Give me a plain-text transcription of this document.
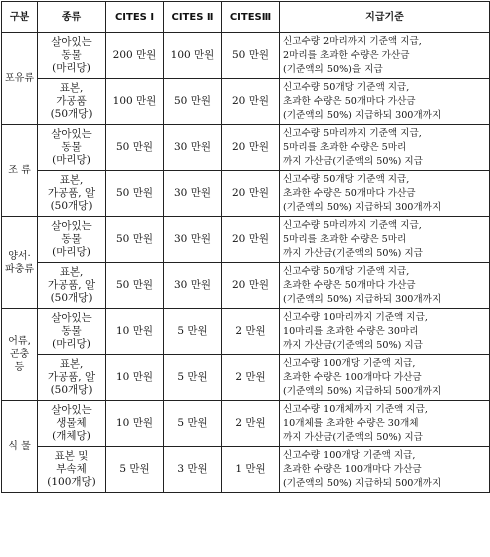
구분	종류	CITES Ⅰ	CITES Ⅱ	CITESⅢ	지급기준
포유류	살아있는
동물
(마리당)	200 만원	100 만원	50 만원	신고수량 2마리까지 기준액 지급,
2마리를 초과한 수량은 가산금
(기준액의 50%)을 지급
	표본,
가공품
(50개당)	100 만원	50 만원	20 만원	신고수량 50개당 기준액 지급,
초과한 수량은 50개마다 가산금
(기준액의 50%) 지급하되 300개까지
조 류	살아있는
동물
(마리당)	50 만원	30 만원	20 만원	신고수량 5마리까지 기준액 지급,
5마리를 초과한 수량은 5마리
까지 가산금(기준액의 50%) 지급
	표본,
가공품, 알
(50개당)	50 만원	30 만원	20 만원	신고수량 50개당 기준액 지급,
초과한 수량은 50개마다 가산금
(기준액의 50%) 지급하되 300개까지
양서·
파충류	살아있는
동물
(마리당)	50 만원	30 만원	20 만원	신고수량 5마리까지 기준액 지급,
5마리를 초과한 수량은 5마리
까지 가산금(기준액의 50%) 지급
	표본,
가공품, 알
(50개당)	50 만원	30 만원	20 만원	신고수량 50개당 기준액 지급,
초과한 수량은 50개마다 가산금
(기준액의 50%) 지급하되 300개까지
어류,
곤충
등	살아있는
동물
(마리당)	10 만원	5 만원	2 만원	신고수량 10마리까지 기준액 지급,
10마리를 초과한 수량은 30마리
까지 가산금(기준액의 50%) 지급
	표본,
가공품, 알
(50개당)	10 만원	5 만원	2 만원	신고수량 100개당 기준액 지급,
초과한 수량은 100개마다 가산금
(기준액의 50%) 지급하되 500개까지
식 물	살아있는
생물체
(개체당)	10 만원	5 만원	2 만원	신고수량 10개체까지 기준액 지급,
10개체를 초과한 수량은 30개체
까지 가산금(기준액의 50%) 지급
	표본 및
부속체
(100개당)	5 만원	3 만원	1 만원	신고수량 100개당 기준액 지급,
초과한 수량은 100개마다 가산금
(기준액의 50%) 지급하되 500개까지
